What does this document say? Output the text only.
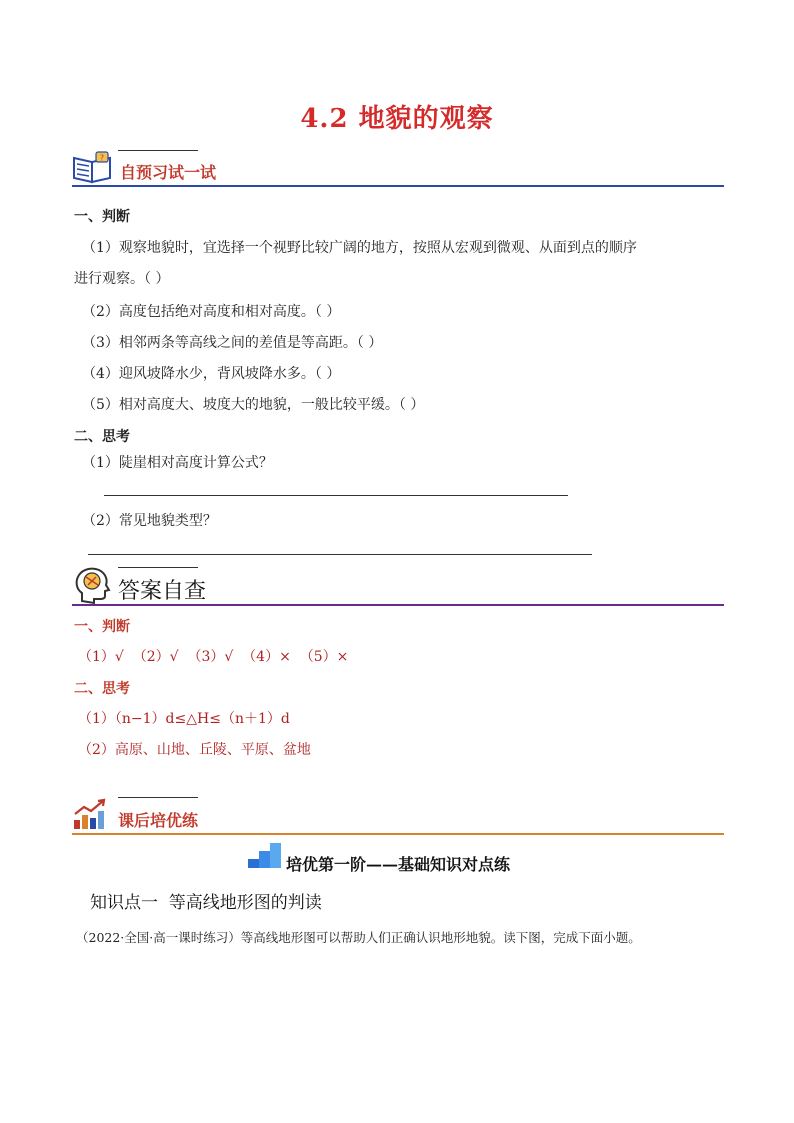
4.2 地貌的观察
?
自预习试一试
一、判断
（1）观察地貌时，宜选择一个视野比较广阔的地方，按照从宏观到微观、从面到点的顺序
进行观察。（ ）
（2）高度包括绝对高度和相对高度。（ ）
（3）相邻两条等高线之间的差值是等高距。（ ）
（4）迎风坡降水少，背风坡降水多。（ ）
（5）相对高度大、坡度大的地貌，一般比较平缓。（ ）
二、思考
（1）陡崖相对高度计算公式？
（2）常见地貌类型？
答案自查
一、判断
（1）√  （2）√  （3）√  （4）×  （5）×
二、思考
（1）（n−1）d≤△H≤（n＋1）d
（2）高原、山地、丘陵、平原、盆地
课后培优练
培优第一阶——基础知识对点练
知识点一  等高线地形图的判读
（2022·全国·高一课时练习）等高线地形图可以帮助人们正确认识地形地貌。读下图，完成下面小题。
